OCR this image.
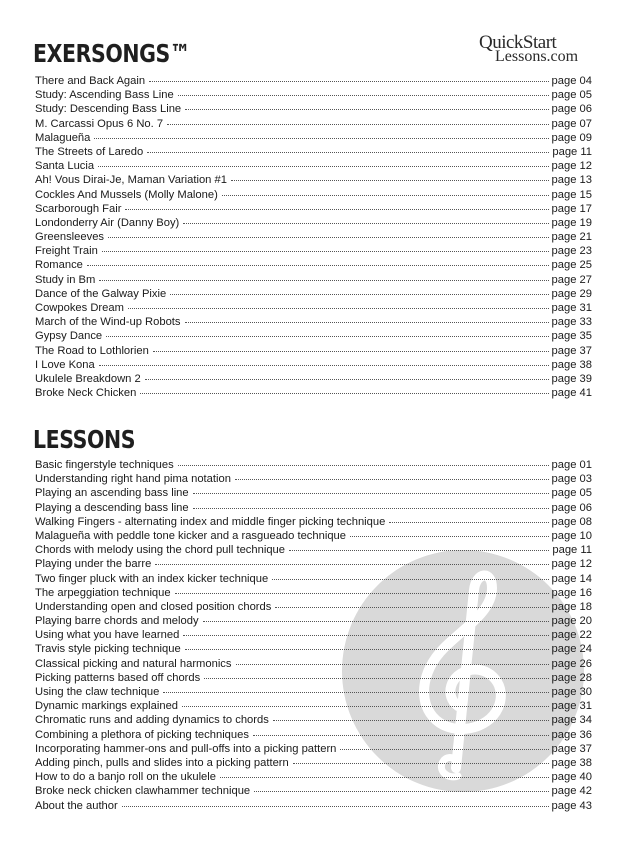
EXERSONGS™	QuickStart
Lessons.com
There and Back Again	page 04
Study: Ascending Bass Line	page 05
Study: Descending Bass Line	page 06
M. Carcassi Opus 6 No. 7	page 07
Malagueña	page 09
The Streets of Laredo	page 11
Santa Lucia	page 12
Ah! Vous Dirai-Je, Maman Variation #1	page 13
Cockles And Mussels (Molly Malone)	page 15
Scarborough Fair	page 17
Londonderry Air (Danny Boy)	page 19
Greensleeves	page 21
Freight Train	page 23
Romance	page 25
Study in Bm	page 27
Dance of the Galway Pixie	page 29
Cowpokes Dream	page 31
March of the Wind-up Robots	page 33
Gypsy Dance	page 35
The Road to Lothlorien	page 37
I Love Kona	page 38
Ukulele Breakdown 2	page 39
Broke Neck Chicken	page 41
LESSONS
Basic fingerstyle techniques	page 01
Understanding right hand pima notation	page 03
Playing an ascending bass line	page 05
Playing a descending bass line	page 06
Walking Fingers - alternating index and middle finger picking technique	page 08
Malagueña with peddle tone kicker and a rasgueado technique	page 10
Chords with melody using the chord pull technique	page 11
Playing under the barre	page 12
Two finger pluck with an index kicker technique	page 14
The arpeggiation technique	page 16
Understanding open and closed position chords	page 18
Playing barre chords and melody	page 20
Using what you have learned	page 22
Travis style picking technique	page 24
Classical picking and natural harmonics	page 26
Picking patterns based off chords	page 28
Using the claw technique	page 30
Dynamic markings explained	page 31
Chromatic runs and adding dynamics to chords	page 34
Combining a plethora of picking techniques	page 36
Incorporating hammer-ons and pull-offs into a picking pattern	page 37
Adding pinch, pulls and slides into a picking pattern	page 38
How to do a banjo roll on the ukulele	page 40
Broke neck chicken clawhammer technique	page 42
About the author	page 43
